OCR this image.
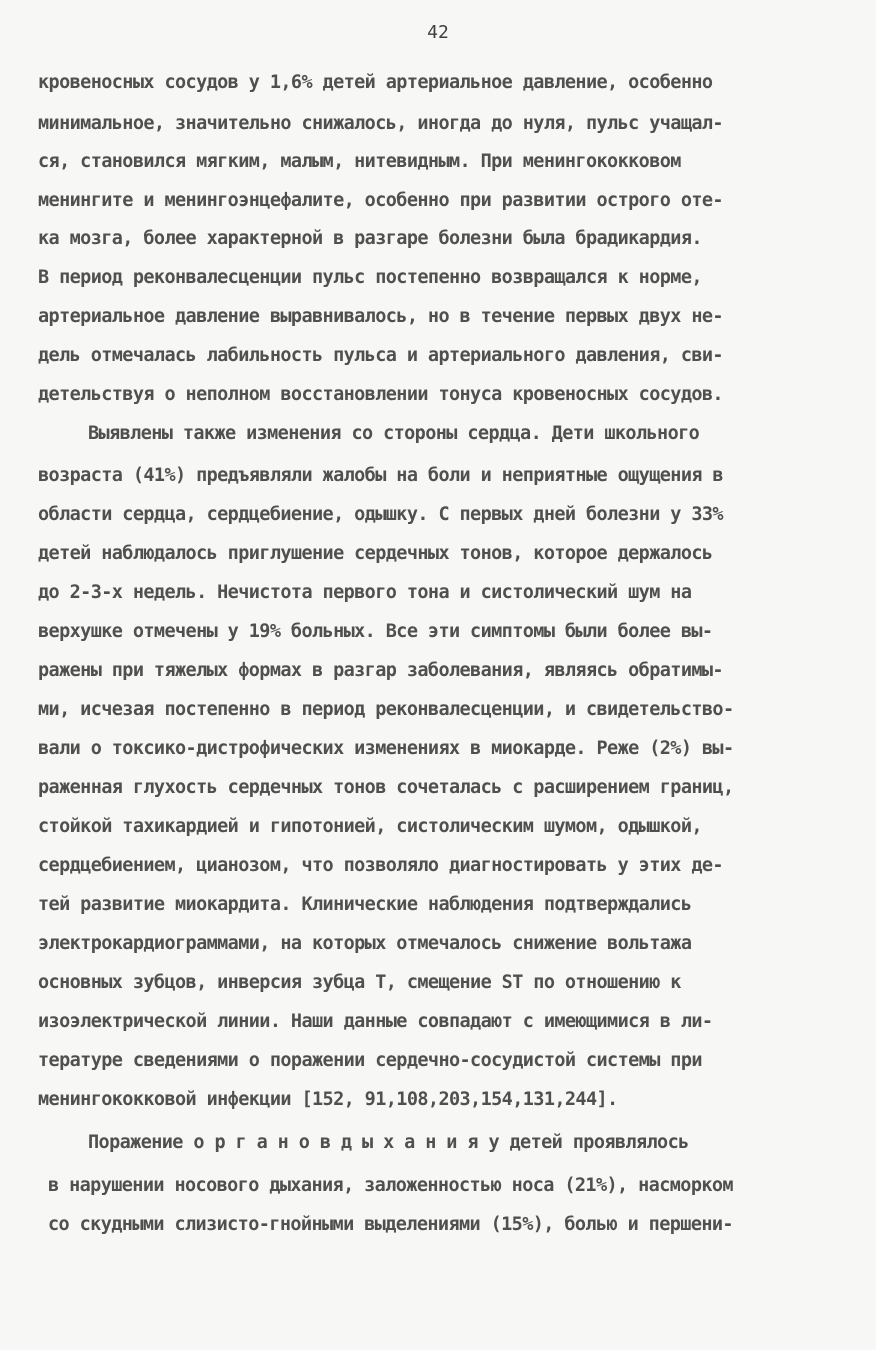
42
кровеносных сосудов у 1,6% детей артериальное давление, особенно
минимальное, значительно снижалось, иногда до нуля, пульс учащал-
ся, становился мягким, малым, нитевидным. При менингококковом
менингите и менингоэнцефалите, особенно при развитии острого оте-
ка мозга, более характерной в разгаре болезни была брадикардия.
В период реконвалесценции пульс постепенно возвращался к норме,
артериальное давление выравнивалось, но в течение первых двух не-
дель отмечалась лабильность пульса и артериального давления, сви-
детельствуя о неполном восстановлении тонуса кровеносных сосудов.
Выявлены также изменения со стороны сердца. Дети школьного
возраста (41%) предъявляли жалобы на боли и неприятные ощущения в
области сердца, сердцебиение, одышку. С первых дней болезни у 33%
детей наблюдалось приглушение сердечных тонов, которое держалось
до 2-3-х недель. Нечистота первого тона и систолический шум на
верхушке отмечены у 19% больных. Все эти симптомы были более вы-
ражены при тяжелых формах в разгар заболевания, являясь обратимы-
ми, исчезая постепенно в период реконвалесценции, и свидетельство-
вали о токсико-дистрофических изменениях в миокарде. Реже (2%) вы-
раженная глухость сердечных тонов сочеталась с расширением границ,
стойкой тахикардией и гипотонией, систолическим шумом, одышкой,
сердцебиением, цианозом, что позволяло диагностировать у этих де-
тей развитие миокардита. Клинические наблюдения подтверждались
электрокардиограммами, на которых отмечалось снижение вольтажа
основных зубцов, инверсия зубца Т, смещение ST по отношению к
изоэлектрической линии. Наши данные совпадают с имеющимися в ли-
тературе сведениями о поражении сердечно-сосудистой системы при
менингококковой инфекции [152, 91,108,203,154,131,244].
Поражение о р г а н о в д ы х а н и я у детей проявлялось
в нарушении носового дыхания, заложенностью носа (21%), насморком
со скудными слизисто-гнойными выделениями (15%), болью и першени-
